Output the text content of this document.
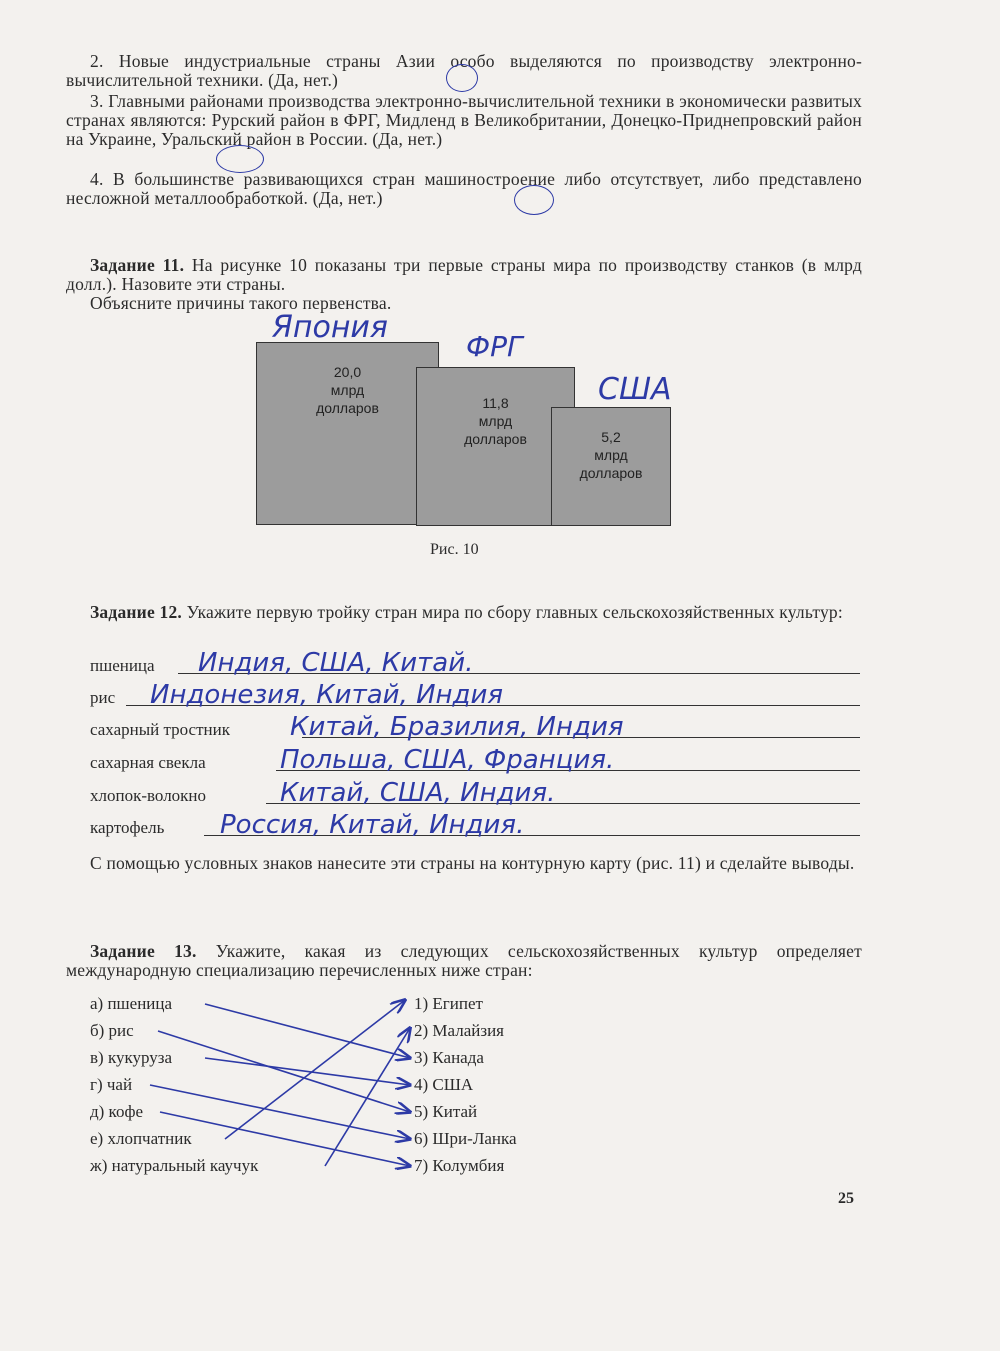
2. Новые индустриальные страны Азии особо выделяются по производству электронно-вычислительной техники. (Да, нет.)
3. Главными районами производства электронно-вычислительной техники в экономически развитых странах являются: Рурский район в ФРГ, Мидленд в Великобритании, Донецко-Приднепровский район на Украине, Уральский район в России. (Да, нет.)
4. В большинстве развивающихся стран машиностроение либо отсутствует, либо представлено несложной металлообработкой. (Да, нет.)
Задание 11. На рисунке 10 показаны три первые страны мира по производству станков (в млрд долл.). Назовите эти страны.
Объясните причины такого первенства.
20,0
млрд
долларов	11,8
млрд
долларов	5,2
млрд
долларов
Япония
ФРГ
США
Рис. 10
Задание 12. Укажите первую тройку стран мира по сбору главных сельскохозяйственных культур:
пшеница Индия, США, Китай.
рис Индонезия, Китай, Индия
сахарный тростник Китай, Бразилия, Индия
сахарная свекла	Польша, США, Франция.
хлопок-волокно	Китай, США, Индия.
картофель Россия, Китай, Индия.
С помощью условных знаков нанесите эти страны на контурную карту (рис. 11) и сделайте выводы.
Задание 13. Укажите, какая из следующих сельскохозяйственных культур определяет международную специализацию перечисленных ниже стран:
а) пшеница
б) рис
в) кукуруза
г) чай
д) кофе
е) хлопчатник
ж) натуральный каучук
1) Египет
2) Малайзия
3) Канада
4) США
5) Китай
6) Шри-Ланка
7) Колумбия
25
